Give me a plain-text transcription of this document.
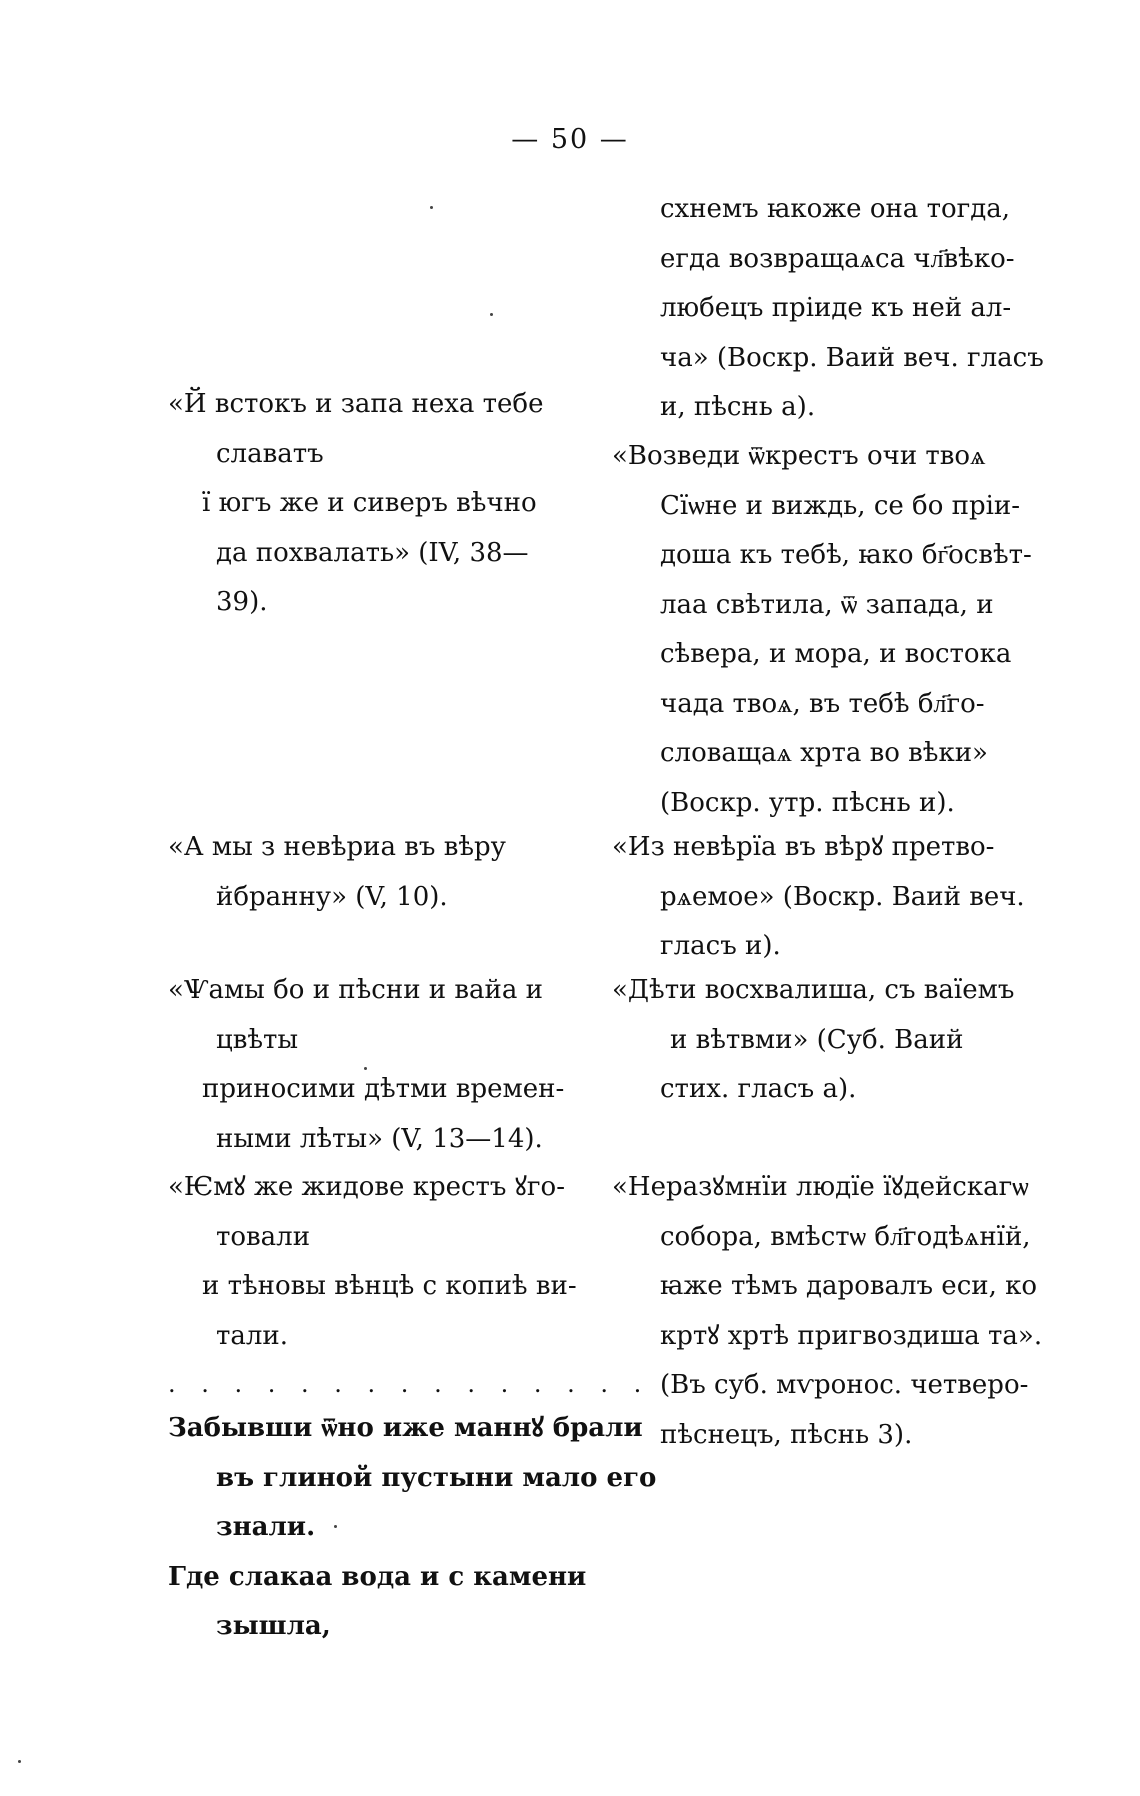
— 50 —
«Й встокъ и запа неха тебе
славатъ
ї югъ же и сиверъ вѣчно
да похвалать» (IV, 38—
39).
«А мы з невѣриа въ вѣру
йбранну» (V, 10).
«Ѱамы бо и пѣсни и вайа и
цвѣты
приносими дѣтми времен-
ными лѣты» (V, 13—14).
«Ѥмꙋ же жидове крестъ ꙋго-
товали
и тѣновы вѣнцѣ с копиѣ ви-
тали.
. . . . . . . . . . . . . . .
Забывши ѿно иже маннꙋ брали
въ глиной пустыни мало его
знали.
Где слакаа вода и с камени
зышла,
схнемъ ꙗкоже она тогда,
егда возвращаѧса чл҃вѣко-
любецъ пріиде къ ней ал-
ча» (Воскр. Ваий веч. гласъ
и, пѣснь а).
«Возведи ѿкрестъ очи твоѧ
Сїѡне и виждь, се бо пріи-
доша къ тебѣ, ꙗко бг҃освѣт-
лаа свѣтила, ѿ запада, и
сѣвера, и мора, и востока
чада твоѧ, въ тебѣ бл҃го-
словащаѧ хрта во вѣки»
(Воскр. утр. пѣснь и).
«Из невѣрїа въ вѣрꙋ претво-
рѧемое» (Воскр. Ваий веч.
гласъ и).
«Дѣти восхвалиша, съ ваїемъ
и вѣтвми» (Суб. Ваий
стих. гласъ а).
«Неразꙋмнїи людїе їꙋдейскагѡ
собора, вмѣстѡ бл҃годѣѧнїй,
ꙗже тѣмъ даровалъ еси, ко
кртꙋ хртѣ пригвоздиша та».
(Въ суб. мѵронос. четверо-
пѣснецъ, пѣснь 3).
